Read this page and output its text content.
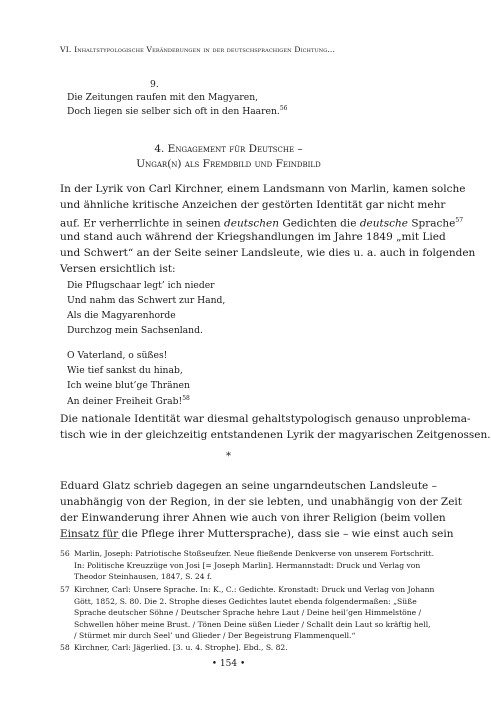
VI. Inhaltstypologische Veränderungen in der deutschsprachigen Dichtung...
9.
Die Zeitungen raufen mit den Magyaren,
Doch liegen sie selber sich oft in den Haaren.$^{56}$
4. Engagement für Deutsche –
Ungar(n) als Fremdbild und Feindbild
In der Lyrik von Carl Kirchner, einem Landsmann von Marlin, kamen solche
und ähnliche kritische Anzeichen der gestörten Identität gar nicht mehr
auf. Er verherrlichte in seinen deutschen Gedichten die deutsche Sprache$^{57}$
und stand auch während der Kriegshandlungen im Jahre 1849 „mit Lied
und Schwert“ an der Seite seiner Landsleute, wie dies u. a. auch in folgenden
Versen ersichtlich ist:
Die Pflugschaar legt’ ich nieder
Und nahm das Schwert zur Hand,
Als die Magyarenhorde
Durchzog mein Sachsenland.
O Vaterland, o süßes!
Wie tief sankst du hinab,
Ich weine blut’ge Thränen
An deiner Freiheit Grab!$^{58}$
Die nationale Identität war diesmal gehaltstypologisch genauso unproblema-
tisch wie in der gleichzeitig entstandenen Lyrik der magyarischen Zeitgenossen.
*
Eduard Glatz schrieb dagegen an seine ungarndeutschen Landsleute –
unabhängig von der Region, in der sie lebten, und unabhängig von der Zeit
der Einwanderung ihrer Ahnen wie auch von ihrer Religion (beim vollen
Einsatz für die Pflege ihrer Muttersprache), dass sie – wie einst auch sein
56 Marlin, Joseph: Patriotische Stoßseufzer. Neue fließende Denkverse von unserem Fortschritt.
In: Politische Kreuzzüge von Josi [= Joseph Marlin]. Hermannstadt: Druck und Verlag von
Theodor Steinhausen, 1847, S. 24 f.
57 Kirchner, Carl: Unsere Sprache. In: K., C.: Gedichte. Kronstadt: Druck und Verlag von Johann
Gött, 1852, S. 80. Die 2. Strophe dieses Gedichtes lautet ebenda folgendermaßen: „Süße
Sprache deutscher Söhne / Deutscher Sprache hehre Laut / Deine heil’gen Himmelstöne /
Schwellen höher meine Brust. / Tönen Deine süßen Lieder / Schallt dein Laut so kräftig hell,
/ Stürmet mir durch Seel’ und Glieder / Der Begeistrung Flammenquell.“
58 Kirchner, Carl: Jägerlied. [3. u. 4. Strophe]. Ebd., S. 82.
• 154 •
